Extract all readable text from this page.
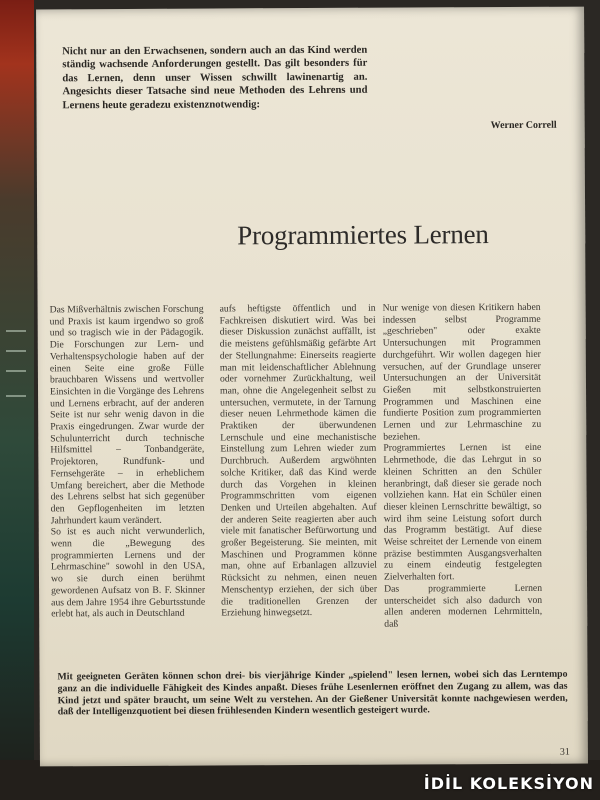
Nicht nur an den Erwachsenen, sondern auch an das Kind werden ständig wachsende Anforderungen gestellt. Das gilt besonders für das Lernen, denn unser Wissen schwillt lawinenartig an. Angesichts dieser Tatsache sind neue Methoden des Lehrens und Lernens heute geradezu existenznotwendig:

Werner Correll
Programmiertes Lernen

Das Mißverhältnis zwischen Forschung und Praxis ist kaum irgendwo so groß und so tragisch wie in der Pädagogik. Die Forschungen zur Lern- und Verhaltenspsychologie haben auf der einen Seite eine große Fülle brauchbaren Wissens und wertvoller Einsichten in die Vorgänge des Lehrens und Lernens erbracht, auf der anderen Seite ist nur sehr wenig davon in die Praxis eingedrungen. Zwar wurde der Schulunterricht durch technische Hilfsmittel – Tonbandgeräte, Projektoren, Rundfunk- und Fernsehgeräte – in erheblichem Umfang bereichert, aber die Methode des Lehrens selbst hat sich gegenüber den Gepflogenheiten im letzten Jahrhundert kaum verändert.

So ist es auch nicht verwunderlich, wenn die „Bewegung des programmierten Lernens und der Lehrmaschine" sowohl in den USA, wo sie durch einen berühmt gewordenen Aufsatz von B. F. Skinner aus dem Jahre 1954 ihre Geburtsstunde erlebt hat, als auch in Deutschland

aufs heftigste öffentlich und in Fachkreisen diskutiert wird. Was bei dieser Diskussion zunächst auffällt, ist die meistens gefühlsmäßig gefärbte Art der Stellungnahme: Einerseits reagierte man mit leidenschaftlicher Ablehnung oder vornehmer Zurückhaltung, weil man, ohne die Angelegenheit selbst zu untersuchen, vermutete, in der Tarnung dieser neuen Lehrmethode kämen die Praktiken der überwundenen Lernschule und eine mechanistische Einstellung zum Lehren wieder zum Durchbruch. Außerdem argwöhnten solche Kritiker, daß das Kind werde durch das Vorgehen in kleinen Programmschritten vom eigenen Denken und Urteilen abgehalten. Auf der anderen Seite reagierten aber auch viele mit fanatischer Befürwortung und großer Begeisterung. Sie meinten, mit Maschinen und Programmen könne man, ohne auf Erbanlagen allzuviel Rücksicht zu nehmen, einen neuen Menschentyp erziehen, der sich über die traditionellen Grenzen der Erziehung hinwegsetzt.

Nur wenige von diesen Kritikern haben indessen selbst Programme „geschrieben" oder exakte Untersuchungen mit Programmen durchgeführt. Wir wollen dagegen hier versuchen, auf der Grundlage unserer Untersuchungen an der Universität Gießen mit selbstkonstruierten Programmen und Maschinen eine fundierte Position zum programmierten Lernen und zur Lehrmaschine zu beziehen.

Programmiertes Lernen ist eine Lehrmethode, die das Lehrgut in so kleinen Schritten an den Schüler heranbringt, daß dieser sie gerade noch vollziehen kann. Hat ein Schüler einen dieser kleinen Lernschritte bewältigt, so wird ihm seine Leistung sofort durch das Programm bestätigt. Auf diese Weise schreitet der Lernende von einem präzise bestimmten Ausgangsverhalten zu einem eindeutig festgelegten Zielverhalten fort.

Das programmierte Lernen unterscheidet sich also dadurch von allen anderen modernen Lehrmitteln, daß

Mit geeigneten Geräten können schon drei- bis vierjährige Kinder „spielend" lesen lernen, wobei sich das Lerntempo ganz an die individuelle Fähigkeit des Kindes anpaßt. Dieses frühe Lesenlernen eröffnet den Zugang zu allem, was das Kind jetzt und später braucht, um seine Welt zu verstehen. An der Gießener Universität konnte nachgewiesen werden, daß der Intelligenzquotient bei diesen frühlesenden Kindern wesentlich gesteigert wurde.
31
İDİL KOLEKSİYON
